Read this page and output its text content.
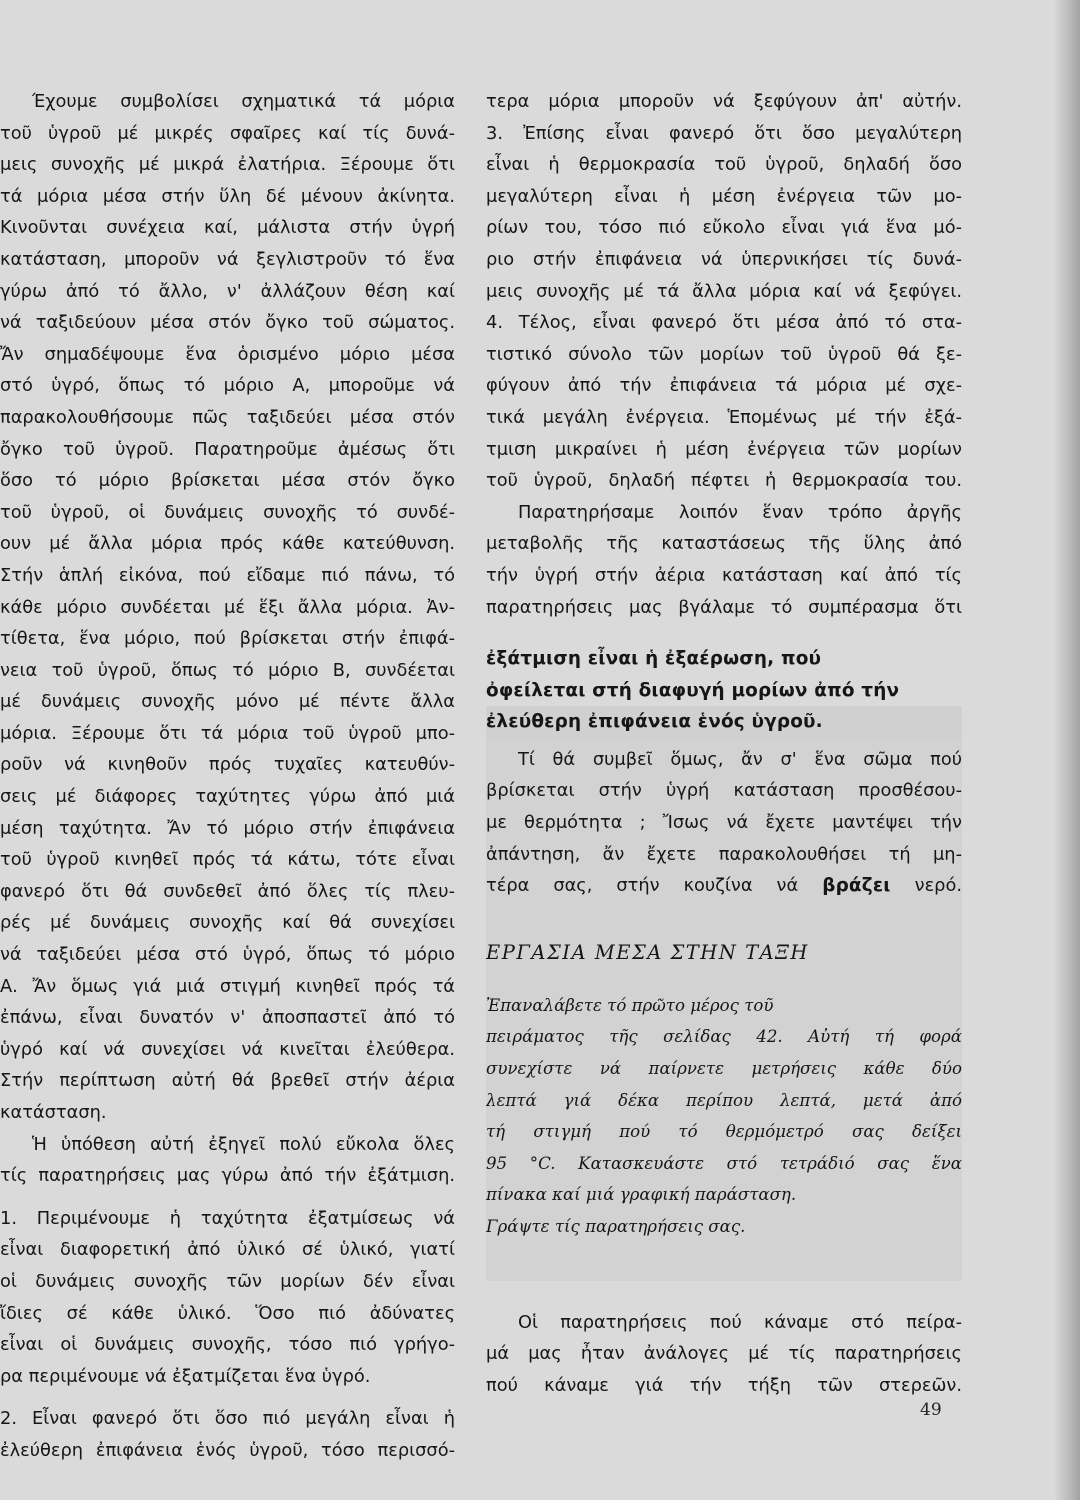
Έχουμε συμβολίσει σχηματικά τά μόρια
τοῦ ὑγροῦ μέ μικρές σφαῖρες καί τίς δυνά-
μεις συνοχῆς μέ μικρά ἐλατήρια. Ξέρουμε ὅτι
τά μόρια μέσα στήν ὕλη δέ μένουν ἀκίνητα.
Κινοῦνται συνέχεια καί, μάλιστα στήν ὑγρή
κατάσταση, μποροῦν νά ξεγλιστροῦν τό ἕνα
γύρω ἀπό τό ἄλλο, ν' ἀλλάζουν θέση καί
νά ταξιδεύουν μέσα στόν ὄγκο τοῦ σώματος.
Ἄν σημαδέψουμε ἕνα ὁρισμένο μόριο μέσα
στό ὑγρό, ὅπως τό μόριο Α, μποροῦμε νά
παρακολουθήσουμε πῶς ταξιδεύει μέσα στόν
ὄγκο τοῦ ὑγροῦ. Παρατηροῦμε ἀμέσως ὅτι
ὅσο τό μόριο βρίσκεται μέσα στόν ὄγκο
τοῦ ὑγροῦ, οἱ δυνάμεις συνοχῆς τό συνδέ-
ουν μέ ἄλλα μόρια πρός κάθε κατεύθυνση.
Στήν ἁπλή εἰκόνα, πού εἴδαμε πιό πάνω, τό
κάθε μόριο συνδέεται μέ ἕξι ἄλλα μόρια. Ἀν-
τίθετα, ἕνα μόριο, πού βρίσκεται στήν ἐπιφά-
νεια τοῦ ὑγροῦ, ὅπως τό μόριο Β, συνδέεται
μέ δυνάμεις συνοχῆς μόνο μέ πέντε ἄλλα
μόρια. Ξέρουμε ὅτι τά μόρια τοῦ ὑγροῦ μπο-
ροῦν νά κινηθοῦν πρός τυχαῖες κατευθύν-
σεις μέ διάφορες ταχύτητες γύρω ἀπό μιά
μέση ταχύτητα. Ἄν τό μόριο στήν ἐπιφάνεια
τοῦ ὑγροῦ κινηθεῖ πρός τά κάτω, τότε εἶναι
φανερό ὅτι θά συνδεθεῖ ἀπό ὅλες τίς πλευ-
ρές μέ δυνάμεις συνοχῆς καί θά συνεχίσει
νά ταξιδεύει μέσα στό ὑγρό, ὅπως τό μόριο
Α. Ἄν ὅμως γιά μιά στιγμή κινηθεῖ πρός τά
ἐπάνω, εἶναι δυνατόν ν' ἀποσπαστεῖ ἀπό τό
ὑγρό καί νά συνεχίσει νά κινεῖται ἐλεύθερα.
Στήν περίπτωση αὐτή θά βρεθεῖ στήν ἀέρια
κατάσταση.
Ἡ ὑπόθεση αὐτή ἐξηγεῖ πολύ εὔκολα ὅλες
τίς παρατηρήσεις μας γύρω ἀπό τήν ἐξάτμιση.
1. Περιμένουμε ἡ ταχύτητα ἐξατμίσεως νά
εἶναι διαφορετική ἀπό ὑλικό σέ ὑλικό, γιατί
οἱ δυνάμεις συνοχῆς τῶν μορίων δέν εἶναι
ἴδιες σέ κάθε ὑλικό. Ὅσο πιό ἀδύνατες
εἶναι οἱ δυνάμεις συνοχῆς, τόσο πιό γρήγο-
ρα περιμένουμε νά ἐξατμίζεται ἕνα ὑγρό.
2. Εἶναι φανερό ὅτι ὅσο πιό μεγάλη εἶναι ἡ
ἐλεύθερη ἐπιφάνεια ἑνός ὑγροῦ, τόσο περισσό-
τερα μόρια μποροῦν νά ξεφύγουν ἀπ' αὐτήν.
3. Ἐπίσης εἶναι φανερό ὅτι ὅσο μεγαλύτερη
εἶναι ἡ θερμοκρασία τοῦ ὑγροῦ, δηλαδή ὅσο
μεγαλύτερη εἶναι ἡ μέση ἐνέργεια τῶν μο-
ρίων του, τόσο πιό εὔκολο εἶναι γιά ἕνα μό-
ριο στήν ἐπιφάνεια νά ὑπερνικήσει τίς δυνά-
μεις συνοχῆς μέ τά ἄλλα μόρια καί νά ξεφύγει.
4. Τέλος, εἶναι φανερό ὅτι μέσα ἀπό τό στα-
τιστικό σύνολο τῶν μορίων τοῦ ὑγροῦ θά ξε-
φύγουν ἀπό τήν ἐπιφάνεια τά μόρια μέ σχε-
τικά μεγάλη ἐνέργεια. Ἑπομένως μέ τήν ἐξά-
τμιση μικραίνει ἡ μέση ἐνέργεια τῶν μορίων
τοῦ ὑγροῦ, δηλαδή πέφτει ἡ θερμοκρασία του.
Παρατηρήσαμε λοιπόν ἕναν τρόπο ἀργῆς
μεταβολῆς τῆς καταστάσεως τῆς ὕλης ἀπό
τήν ὑγρή στήν ἀέρια κατάσταση καί ἀπό τίς
παρατηρήσεις μας βγάλαμε τό συμπέρασμα ὅτι
ἐξάτμιση εἶναι ἡ ἐξαέρωση, πού
ὀφείλεται στή διαφυγή μορίων ἀπό τήν
ἐλεύθερη ἐπιφάνεια ἑνός ὑγροῦ.
Τί θά συμβεῖ ὅμως, ἄν σ' ἕνα σῶμα πού
βρίσκεται στήν ὑγρή κατάσταση προσθέσου-
με θερμότητα ; Ἴσως νά ἔχετε μαντέψει τήν
ἀπάντηση, ἄν ἔχετε παρακολουθήσει τή μη-
τέρα σας, στήν κουζίνα νά βράζει νερό.
ΕΡΓΑΣΙΑ ΜΕΣΑ ΣΤΗΝ ΤΑΞΗ
Ἐπαναλάβετε τό πρῶτο μέρος τοῦ
πειράματος τῆς σελίδας 42. Αὐτή τή φορά
συνεχίστε νά παίρνετε μετρήσεις κάθε δύο
λεπτά γιά δέκα περίπου λεπτά, μετά ἀπό
τή στιγμή πού τό θερμόμετρό σας δείξει
95 °C. Κατασκευάστε στό τετράδιό σας ἕνα
πίνακα καί μιά γραφική παράσταση.
Γράψτε τίς παρατηρήσεις σας.
Οἱ παρατηρήσεις πού κάναμε στό πείρα-
μά μας ἦταν ἀνάλογες μέ τίς παρατηρήσεις
πού κάναμε γιά τήν τήξη τῶν στερεῶν.
49
